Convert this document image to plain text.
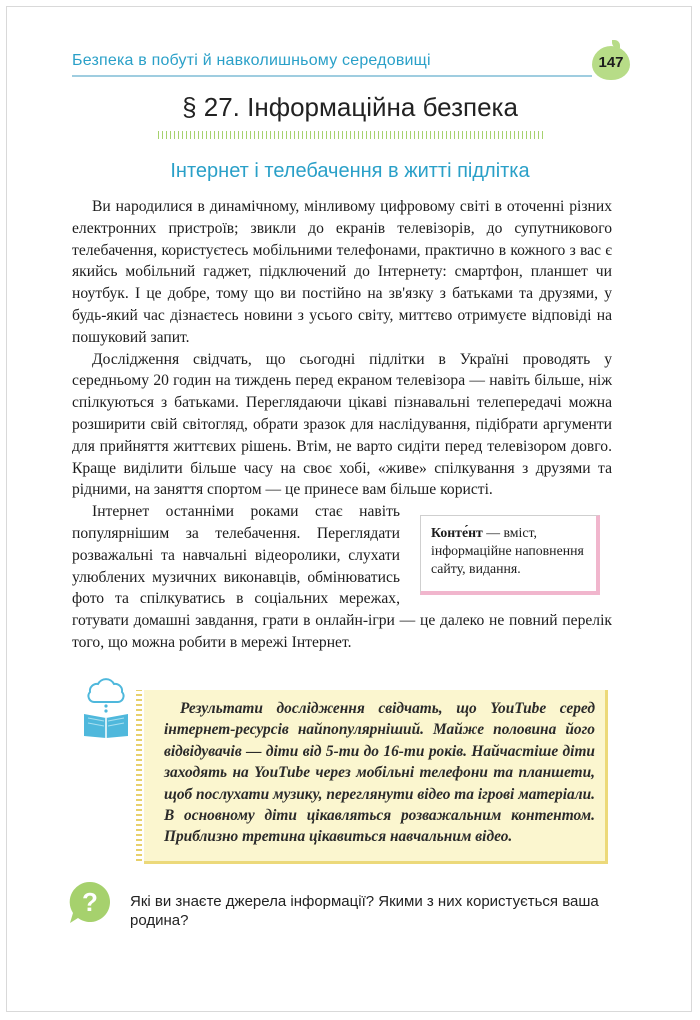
Безпека в побуті й навколишньому середовищі	147
§ 27. Інформаційна безпека
Інтернет і телебачення в житті підлітка

Ви народилися в динамічному, мінливому цифровому світі в оточенні різних електронних пристроїв; звикли до екранів телевізорів, до супутникового телебачення, користуєтесь мобільними телефонами, практично в кожного з вас є якийсь мобільний гаджет, підключений до Інтернету: смартфон, планшет чи ноутбук. І це добре, тому що ви постійно на зв'язку з батьками та друзями, у будь-який час дізнаєтесь новини з усього світу, миттєво отримуєте відповіді на пошуковий запит.

Дослідження свідчать, що сьогодні підлітки в Україні проводять у середньому 20 годин на тиждень перед екраном телевізора — навіть більше, ніж спілкуються з батьками. Переглядаючи цікаві пізнавальні телепередачі можна розширити свій світогляд, обрати зразок для наслідування, підібрати аргументи для прийняття життєвих рішень. Втім, не варто сидіти перед телевізором довго. Краще виділити більше часу на своє хобі, «живе» спілкування з друзями та рідними, на заняття спортом — це принесе вам більше користі.

Конте́нт — вміст, інформаційне наповнення сайту, видання.

Інтернет останніми роками стає навіть популярнішим за телебачення. Переглядати розважальні та навчальні відеоролики, слухати улюблених музичних виконавців, обмінюватись фото та спілкуватись в соціальних мережах, готувати домашні завдання, грати в онлайн-ігри — це далеко не повний перелік того, що можна робити в мережі Інтернет.

Результати дослідження свідчать, що YouTube серед інтернет-ресурсів найпопулярніший. Майже половина його відвідувачів — діти від 5-ти до 16-ти років. Найчастіше діти заходять на YouTube через мобільні телефони та планшети, щоб послухати музику, переглянути відео та ігрові матеріали. В основному діти цікавляться розважальним контентом. Приблизно третина цікавиться навчальним відео.

? Які ви знаєте джерела інформації? Якими з них користується ваша родина?
